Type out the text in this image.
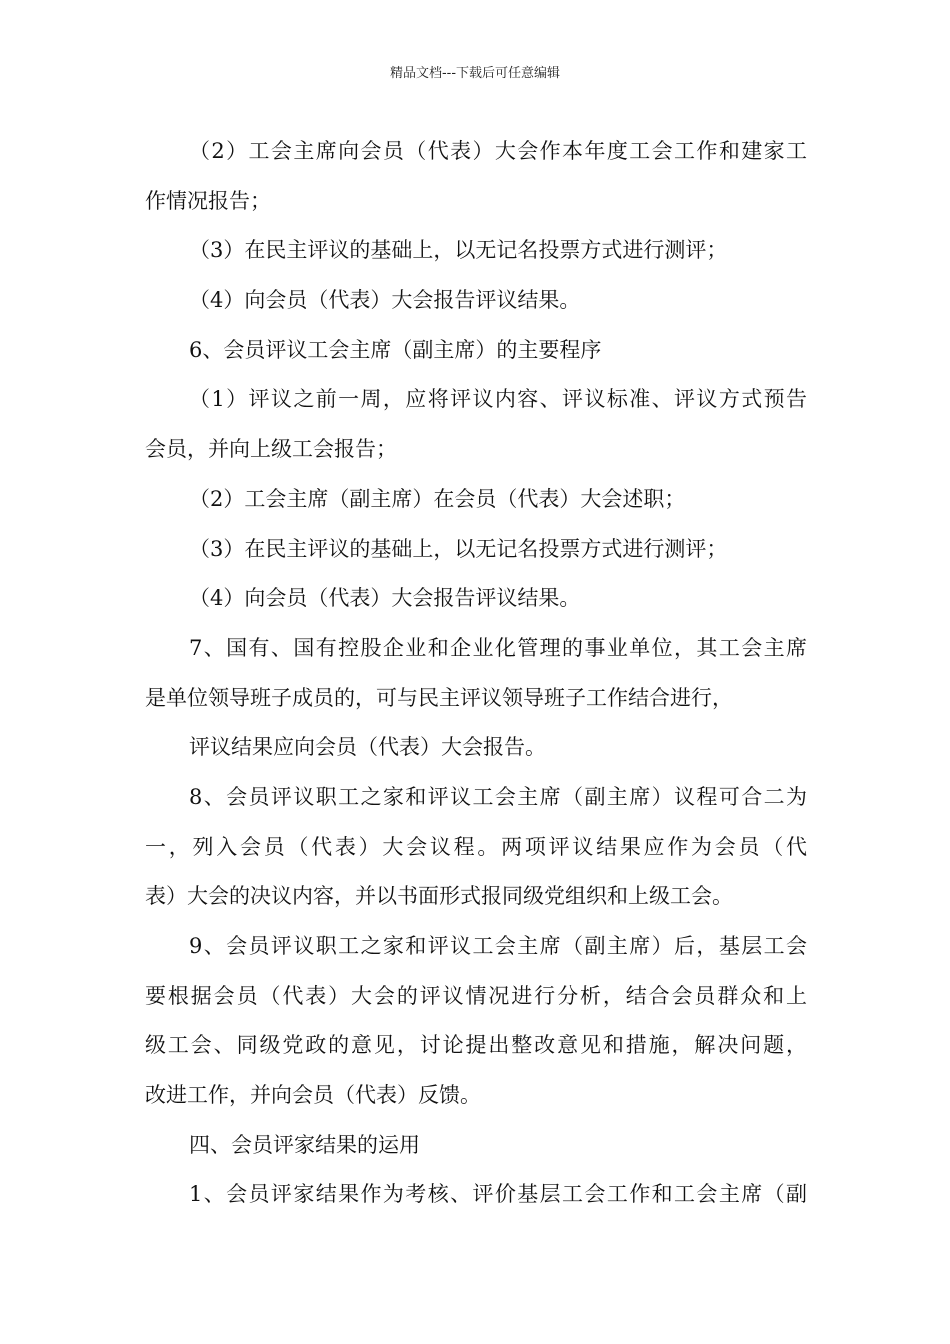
精品文档---下载后可任意编辑
（2）工会主席向会员（代表）大会作本年度工会工作和建家工
作情况报告；
（3）在民主评议的基础上，以无记名投票方式进行测评；
（4）向会员（代表）大会报告评议结果。
6、会员评议工会主席（副主席）的主要程序
（1）评议之前一周，应将评议内容、评议标准、评议方式预告
会员，并向上级工会报告；
（2）工会主席（副主席）在会员（代表）大会述职；
（3）在民主评议的基础上，以无记名投票方式进行测评；
（4）向会员（代表）大会报告评议结果。
7、国有、国有控股企业和企业化管理的事业单位，其工会主席
是单位领导班子成员的，可与民主评议领导班子工作结合进行，
评议结果应向会员（代表）大会报告。
8、会员评议职工之家和评议工会主席（副主席）议程可合二为
一，列入会员（代表）大会议程。两项评议结果应作为会员（代
表）大会的决议内容，并以书面形式报同级党组织和上级工会。
9、会员评议职工之家和评议工会主席（副主席）后，基层工会
要根据会员（代表）大会的评议情况进行分析，结合会员群众和上
级工会、同级党政的意见，讨论提出整改意见和措施，解决问题，
改进工作，并向会员（代表）反馈。
四、会员评家结果的运用
1、会员评家结果作为考核、评价基层工会工作和工会主席（副
